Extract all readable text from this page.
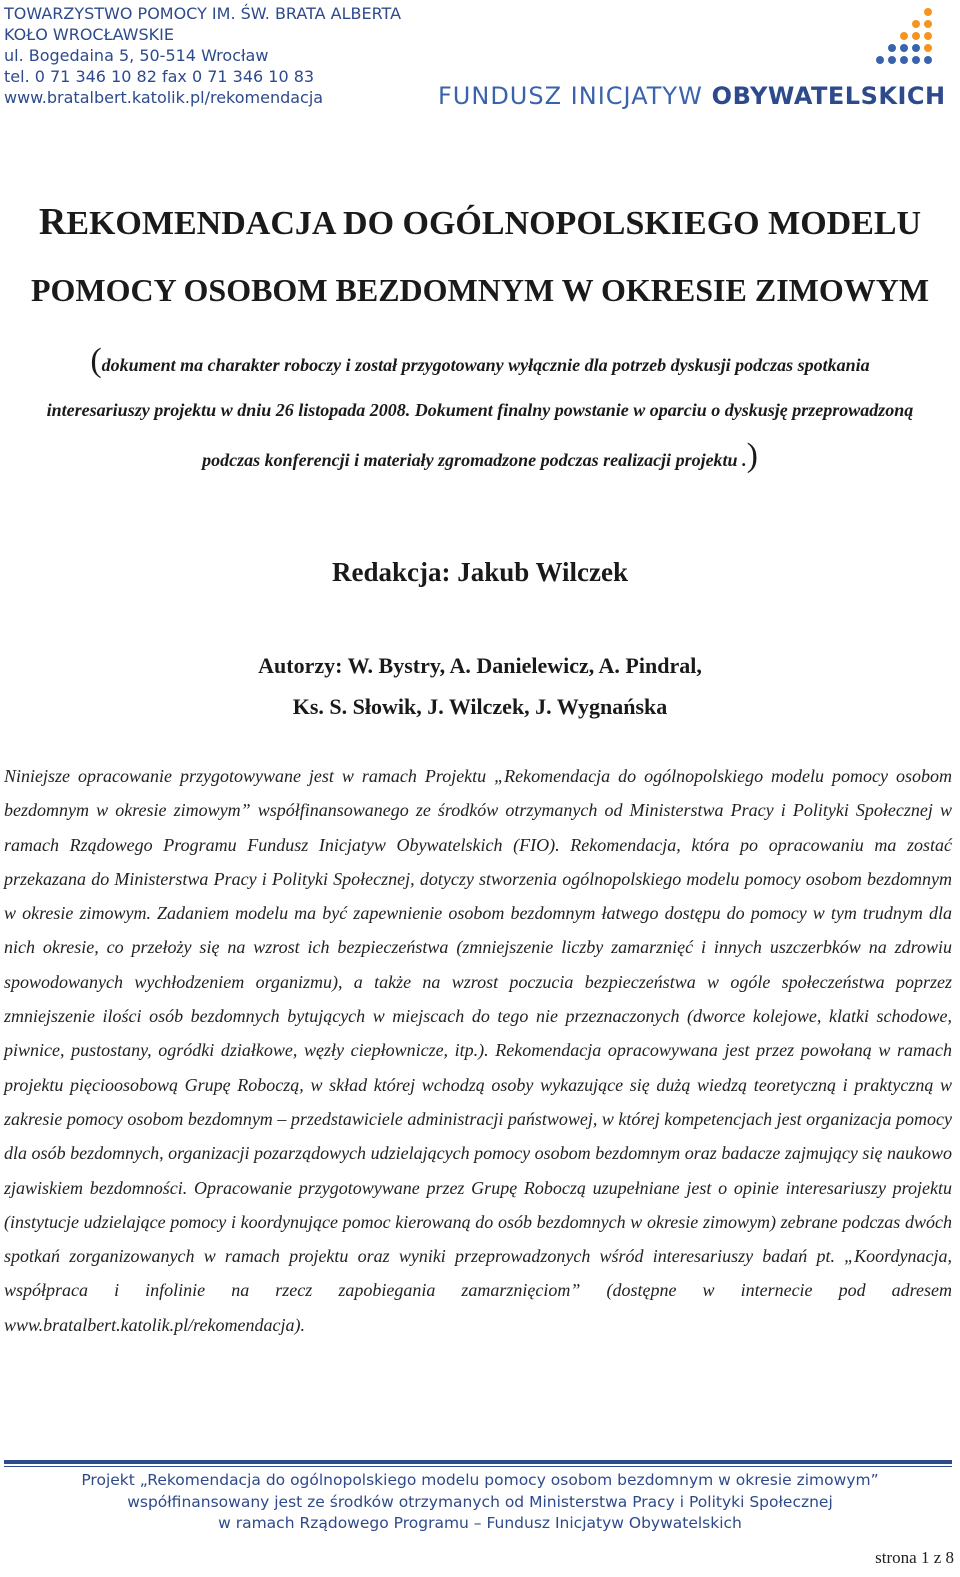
TOWARZYSTWO POMOCY IM. ŚW. BRATA ALBERTA
KOŁO WROCŁAWSKIE
ul. Bogedaina 5, 50-514 Wrocław
tel. 0 71 346 10 82 fax 0 71 346 10 83
www.bratalbert.katolik.pl/rekomendacja	FUNDUSZ INICJATYW OBYWATELSKICH
REKOMENDACJA DO OGÓLNOPOLSKIEGO MODELU
POMOCY OSOBOM BEZDOMNYM W OKRESIE ZIMOWYM
(dokument ma charakter roboczy i został przygotowany wyłącznie dla potrzeb dyskusji podczas spotkania interesariuszy projektu w dniu 26 listopada 2008. Dokument finalny powstanie w oparciu o dyskusję przeprowadzoną podczas konferencji i materiały zgromadzone podczas realizacji projektu .)
Redakcja: Jakub Wilczek
Autorzy: W. Bystry, A. Danielewicz, A. Pindral,
Ks. S. Słowik, J. Wilczek, J. Wygnańska
Niniejsze opracowanie przygotowywane jest w ramach Projektu „Rekomendacja do ogólnopolskiego modelu pomocy osobom bezdomnym w okresie zimowym” współfinansowanego ze środków otrzymanych od Ministerstwa Pracy i Polityki Społecznej w ramach Rządowego Programu Fundusz Inicjatyw Obywatelskich (FIO). Rekomendacja, która po opracowaniu ma zostać przekazana do Ministerstwa Pracy i Polityki Społecznej, dotyczy stworzenia ogólnopolskiego modelu pomocy osobom bezdomnym w okresie zimowym. Zadaniem modelu ma być zapewnienie osobom bezdomnym łatwego dostępu do pomocy w tym trudnym dla nich okresie, co przełoży się na wzrost ich bezpieczeństwa (zmniejszenie liczby zamarznięć i innych uszczerbków na zdrowiu spowodowanych wychłodzeniem organizmu), a także na wzrost poczucia bezpieczeństwa w ogóle społeczeństwa poprzez zmniejszenie ilości osób bezdomnych bytujących w miejscach do tego nie przeznaczonych (dworce kolejowe, klatki schodowe, piwnice, pustostany, ogródki działkowe, węzły ciepłownicze, itp.). Rekomendacja opracowywana jest przez powołaną w ramach projektu pięcioosobową Grupę Roboczą, w skład której wchodzą osoby wykazujące się dużą wiedzą teoretyczną i praktyczną w zakresie pomocy osobom bezdomnym – przedstawiciele administracji państwowej, w której kompetencjach jest organizacja pomocy dla osób bezdomnych, organizacji pozarządowych udzielających pomocy osobom bezdomnym oraz badacze zajmujący się naukowo zjawiskiem bezdomności. Opracowanie przygotowywane przez Grupę Roboczą uzupełniane jest o opinie interesariuszy projektu (instytucje udzielające pomocy i koordynujące pomoc kierowaną do osób bezdomnych w okresie zimowym) zebrane podczas dwóch spotkań zorganizowanych w ramach projektu oraz wyniki przeprowadzonych wśród interesariuszy badań pt. „Koordynacja, współpraca i infolinie na rzecz zapobiegania zamarznięciom” (dostępne w internecie pod adresem www.bratalbert.katolik.pl/rekomendacja).
Projekt „Rekomendacja do ogólnopolskiego modelu pomocy osobom bezdomnym w okresie zimowym”
współfinansowany jest ze środków otrzymanych od Ministerstwa Pracy i Polityki Społecznej
w ramach Rządowego Programu – Fundusz Inicjatyw Obywatelskich
strona 1 z 8
